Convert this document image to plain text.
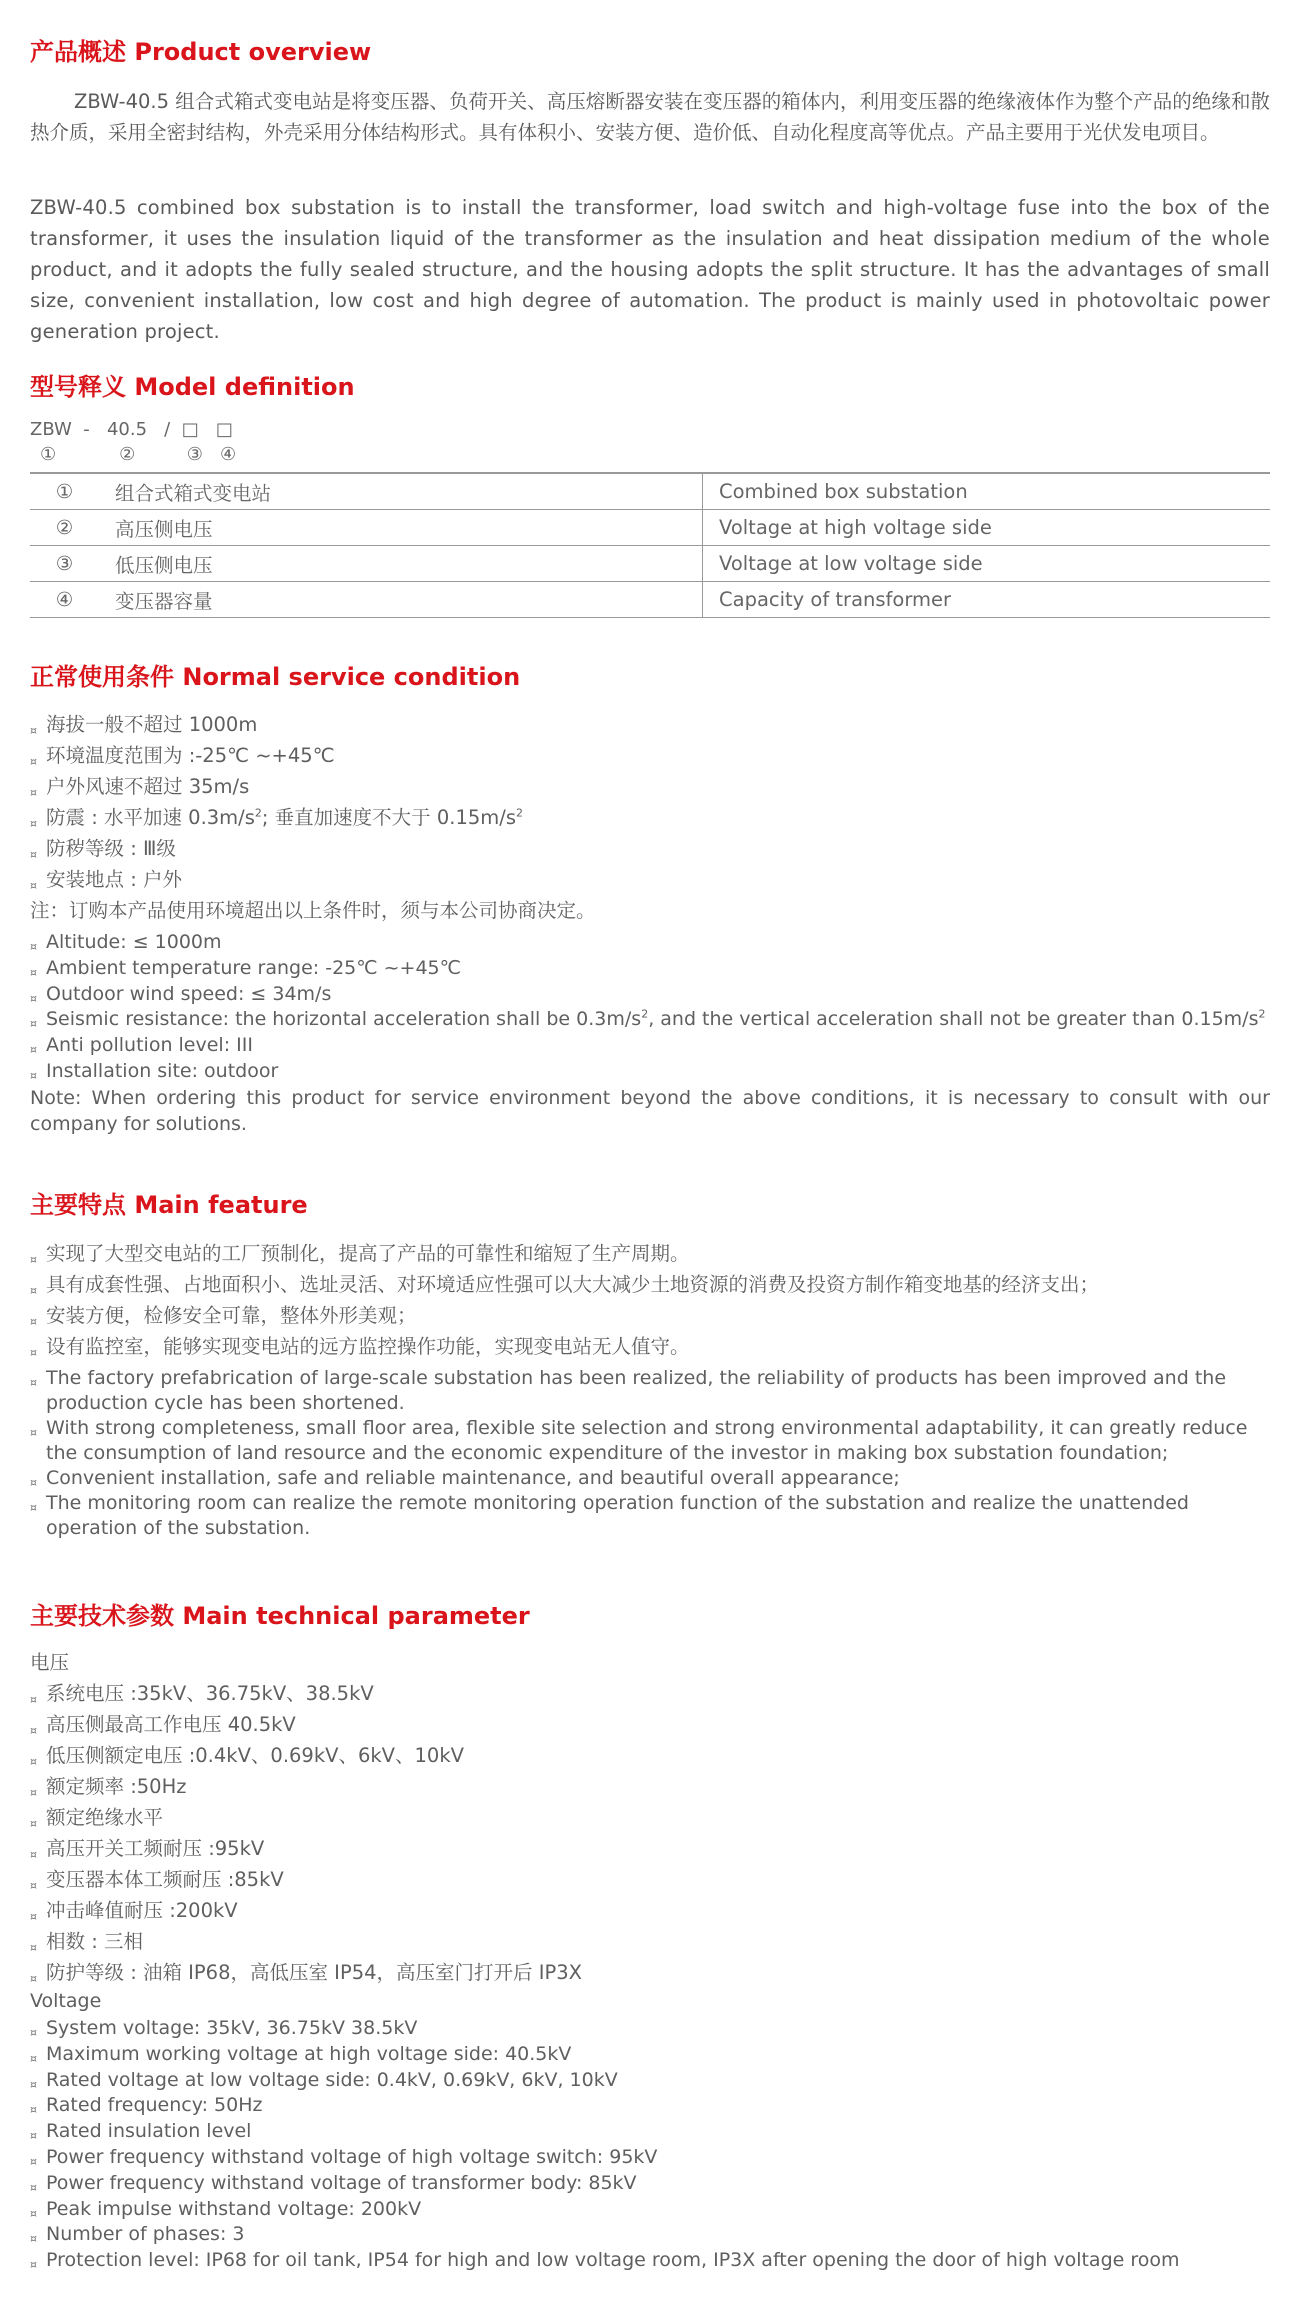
产品概述 Product overview
ZBW-40.5 组合式箱式变电站是将变压器、负荷开关、高压熔断器安装在变压器的箱体内，利用变压器的绝缘液体作为整个产品的绝缘和散热介质，采用全密封结构，外壳采用分体结构形式。具有体积小、安装方便、造价低、自动化程度高等优点。产品主要用于光伏发电项目。
ZBW-40.5 combined box substation is to install the transformer, load switch and high-voltage fuse into the box of the transformer, it uses the insulation liquid of the transformer as the insulation and heat dissipation medium of the whole product, and it adopts the fully sealed structure, and the housing adopts the split structure. It has the advantages of small size, convenient installation, low cost and high degree of automation. The product is mainly used in photovoltaic power generation project.
型号释义 Model definition
ZBW  -   40.5   /  □   □
①           ②         ③   ④
①	组合式箱式变电站	Combined box substation
②	高压侧电压	Voltage at high voltage side
③	低压侧电压	Voltage at low voltage side
④	变压器容量	Capacity of transformer
正常使用条件 Normal service condition
¤ 海拔一般不超过 1000m
¤ 环境温度范围为 :-25℃ ~+45℃
¤ 户外风速不超过 35m/s
¤ 防震 : 水平加速 $0.3m/s^2$; 垂直加速度不大于 $0.15m/s^2$
¤ 防秽等级 : Ⅲ级
¤ 安装地点 : 户外
注：订购本产品使用环境超出以上条件时，须与本公司协商决定。
¤ Altitude: ≤ 1000m
¤ Ambient temperature range: -25℃ ~+45℃
¤ Outdoor wind speed: ≤ 34m/s
¤ Seismic resistance: the horizontal acceleration shall be $0.3m/s^2$, and the vertical acceleration shall not be greater than $0.15m/s^2$
¤ Anti pollution level: III
¤ Installation site: outdoor
Note: When ordering this product for service environment beyond the above conditions, it is necessary to consult with our company for solutions.
主要特点 Main feature
¤ 实现了大型交电站的工厂预制化，提高了产品的可靠性和缩短了生产周期。
¤ 具有成套性强、占地面积小、选址灵活、对环境适应性强可以大大减少土地资源的消费及投资方制作箱变地基的经济支出；
¤ 安装方便，检修安全可靠，整体外形美观；
¤ 设有监控室，能够实现变电站的远方监控操作功能，实现变电站无人值守。
¤ The factory prefabrication of large-scale substation has been realized, the reliability of products has been improved and the production cycle has been shortened.
¤ With strong completeness, small floor area, flexible site selection and strong environmental adaptability, it can greatly reduce the consumption of land resource and the economic expenditure of the investor in making box substation foundation;
¤ Convenient installation, safe and reliable maintenance, and beautiful overall appearance;
¤ The monitoring room can realize the remote monitoring operation function of the substation and realize the unattended operation of the substation.
主要技术参数 Main technical parameter
电压
¤ 系统电压 :35kV、36.75kV、38.5kV
¤ 高压侧最高工作电压 40.5kV
¤ 低压侧额定电压 :0.4kV、0.69kV、6kV、10kV
¤ 额定频率 :50Hz
¤ 额定绝缘水平
¤ 高压开关工频耐压 :95kV
¤ 变压器本体工频耐压 :85kV
¤ 冲击峰值耐压 :200kV
¤ 相数 : 三相
¤ 防护等级 : 油箱 IP68，高低压室 IP54，高压室门打开后 IP3X
Voltage
¤ System voltage: 35kV, 36.75kV 38.5kV
¤ Maximum working voltage at high voltage side: 40.5kV
¤ Rated voltage at low voltage side: 0.4kV, 0.69kV, 6kV, 10kV
¤ Rated frequency: 50Hz
¤ Rated insulation level
¤ Power frequency withstand voltage of high voltage switch: 95kV
¤ Power frequency withstand voltage of transformer body: 85kV
¤ Peak impulse withstand voltage: 200kV
¤ Number of phases: 3
¤ Protection level: IP68 for oil tank, IP54 for high and low voltage room, IP3X after opening the door of high voltage room
